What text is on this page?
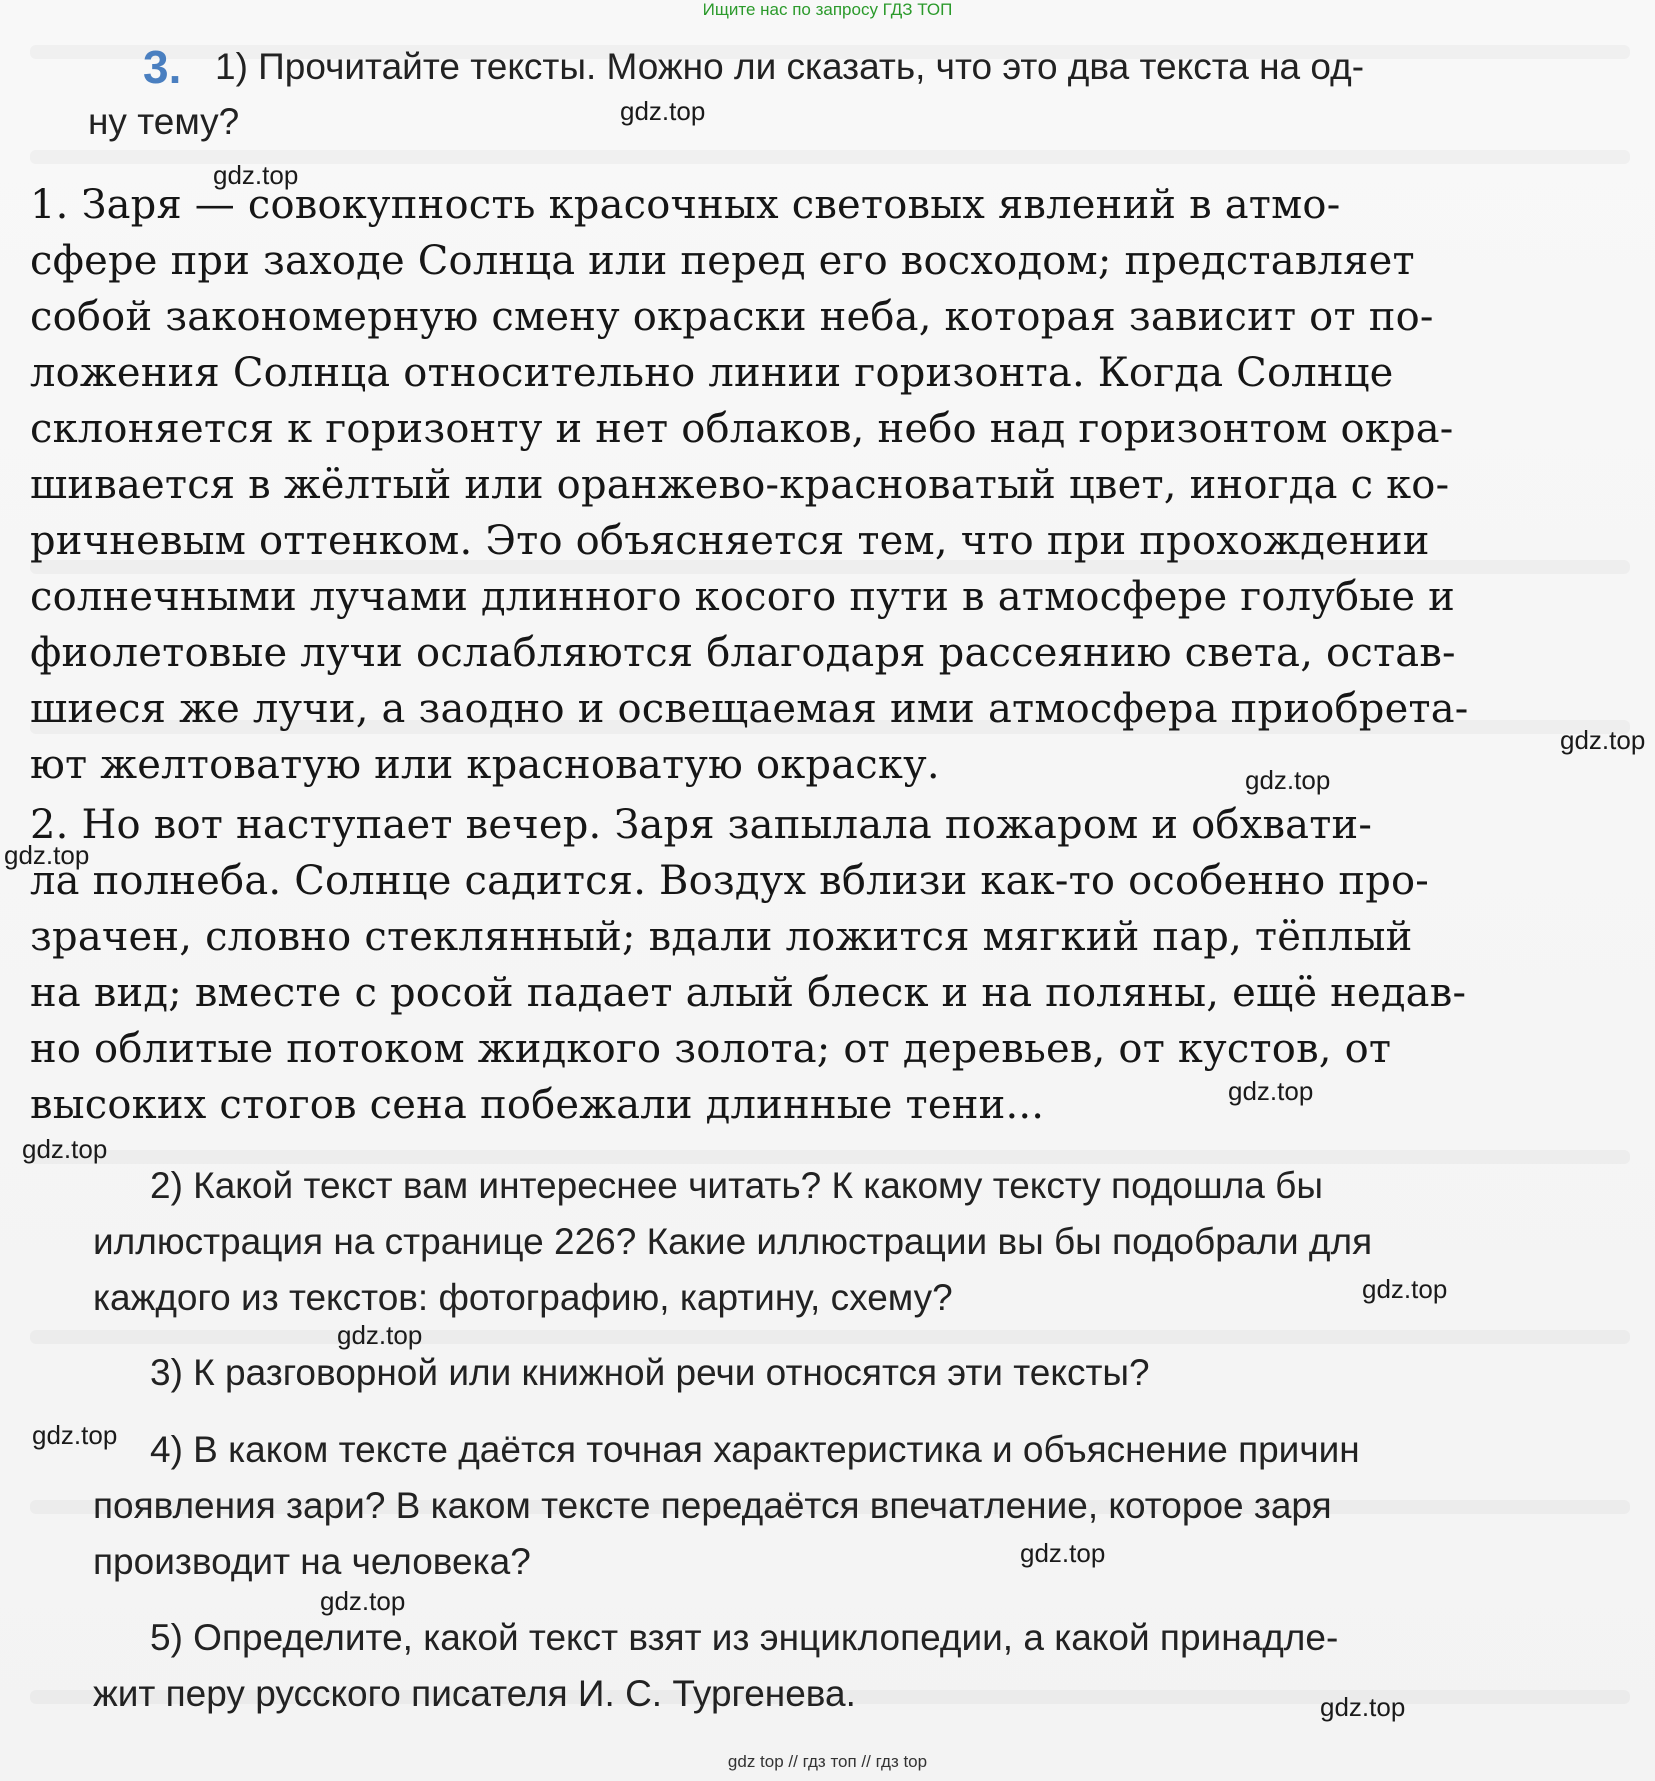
Ищите нас по запросу ГДЗ ТОП
3. 1) Прочитайте тексты. Можно ли сказать, что это два текста на од-
ну тему?
1. Заря — совокупность красочных световых явлений в атмо-
сфере при заходе Солнца или перед его восходом; представляет
собой закономерную смену окраски неба, которая зависит от по-
ложения Солнца относительно линии горизонта. Когда Солнце
склоняется к горизонту и нет облаков, небо над горизонтом окра-
шивается в жёлтый или оранжево-красноватый цвет, иногда с ко-
ричневым оттенком. Это объясняется тем, что при прохождении
солнечными лучами длинного косого пути в атмосфере голубые и
фиолетовые лучи ослабляются благодаря рассеянию света, остав-
шиеся же лучи, а заодно и освещаемая ими атмосфера приобрета-
ют желтоватую или красноватую окраску.
2. Но вот наступает вечер. Заря запылала пожаром и обхвати-
ла полнеба. Солнце садится. Воздух вблизи как-то особенно про-
зрачен, словно стеклянный; вдали ложится мягкий пар, тёплый
на вид; вместе с росой падает алый блеск и на поляны, ещё недав-
но облитые потоком жидкого золота; от деревьев, от кустов, от
высоких стогов сена побежали длинные тени...
2) Какой текст вам интереснее читать? К какому тексту подошла бы
иллюстрация на странице 226? Какие иллюстрации вы бы подобрали для
каждого из текстов: фотографию, картину, схему?
3) К разговорной или книжной речи относятся эти тексты?
4) В каком тексте даётся точная характеристика и объяснение причин
появления зари? В каком тексте передаётся впечатление, которое заря
производит на человека?
5) Определите, какой текст взят из энциклопедии, а какой принадле-
жит перу русского писателя И. С. Тургенева.
gdz.top
gdz.top
gdz.top
gdz.top
gdz.top
gdz.top
gdz.top
gdz.top
gdz.top
gdz.top
gdz.top
gdz.top
gdz.top
gdz top // гдз топ // гдз top
